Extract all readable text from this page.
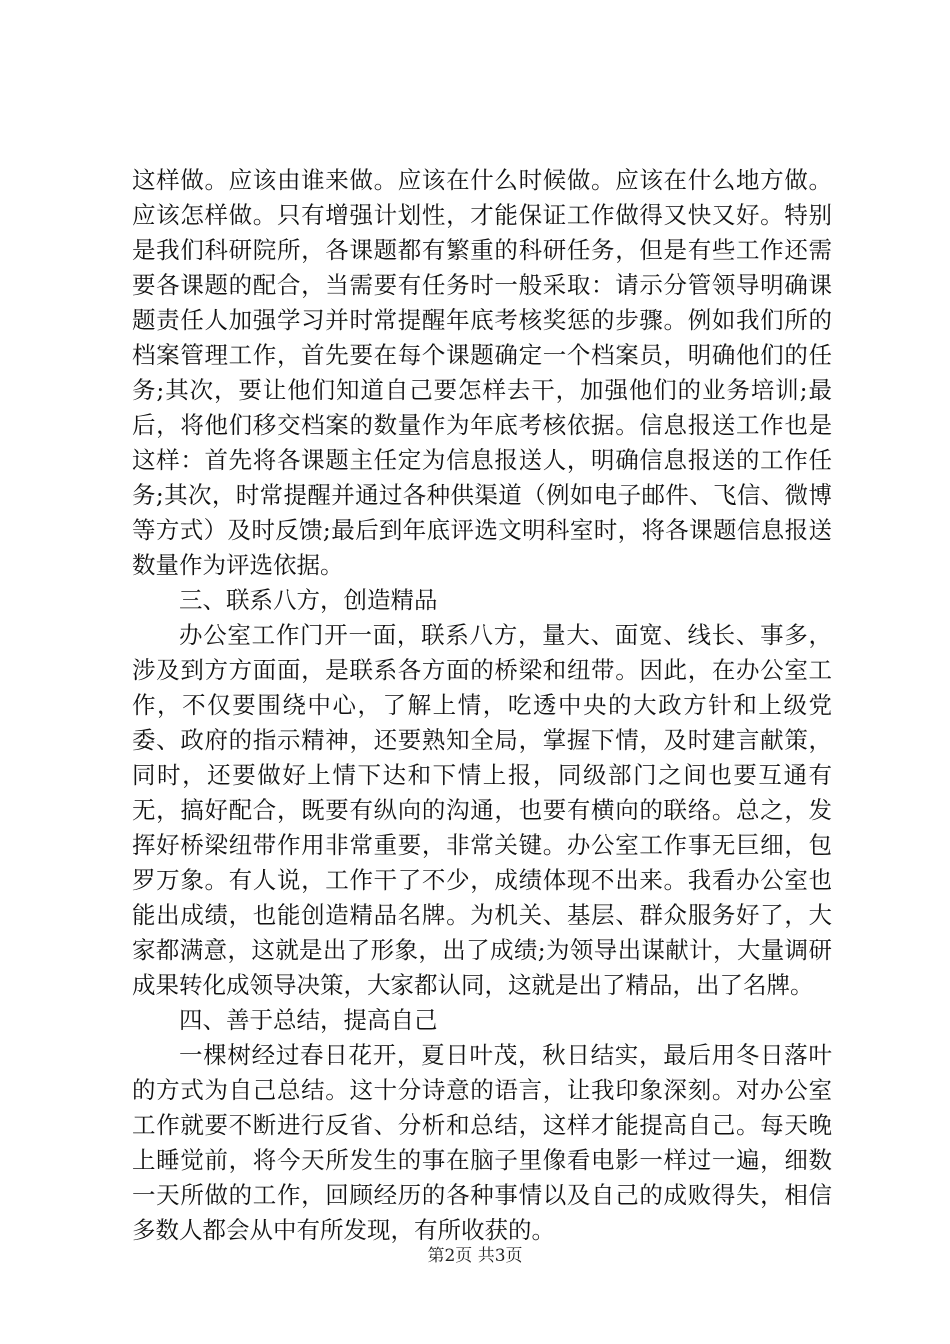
这样做。应该由谁来做。应该在什么时候做。应该在什么地方做。应该怎样做。只有增强计划性，才能保证工作做得又快又好。特别是我们科研院所，各课题都有繁重的科研任务，但是有些工作还需要各课题的配合，当需要有任务时一般采取：请示分管领导明确课题责任人加强学习并时常提醒年底考核奖惩的步骤。例如我们所的档案管理工作，首先要在每个课题确定一个档案员，明确他们的任务;其次，要让他们知道自己要怎样去干，加强他们的业务培训;最后，将他们移交档案的数量作为年底考核依据。信息报送工作也是这样：首先将各课题主任定为信息报送人，明确信息报送的工作任务;其次，时常提醒并通过各种供渠道（例如电子邮件、飞信、微博等方式）及时反馈;最后到年底评选文明科室时，将各课题信息报送数量作为评选依据。

三、联系八方，创造精品

办公室工作门开一面，联系八方，量大、面宽、线长、事多，涉及到方方面面，是联系各方面的桥梁和纽带。因此，在办公室工作，不仅要围绕中心，了解上情，吃透中央的大政方针和上级党委、政府的指示精神，还要熟知全局，掌握下情，及时建言献策，同时，还要做好上情下达和下情上报，同级部门之间也要互通有无，搞好配合，既要有纵向的沟通，也要有横向的联络。总之，发挥好桥梁纽带作用非常重要，非常关键。办公室工作事无巨细，包罗万象。有人说，工作干了不少，成绩体现不出来。我看办公室也能出成绩，也能创造精品名牌。为机关、基层、群众服务好了，大家都满意，这就是出了形象，出了成绩;为领导出谋献计，大量调研成果转化成领导决策，大家都认同，这就是出了精品，出了名牌。

四、善于总结，提高自己

一棵树经过春日花开，夏日叶茂，秋日结实，最后用冬日落叶的方式为自己总结。这十分诗意的语言，让我印象深刻。对办公室工作就要不断进行反省、分析和总结，这样才能提高自己。每天晚上睡觉前，将今天所发生的事在脑子里像看电影一样过一遍，细数一天所做的工作，回顾经历的各种事情以及自己的成败得失，相信多数人都会从中有所发现，有所收获的。

第2页 共3页
